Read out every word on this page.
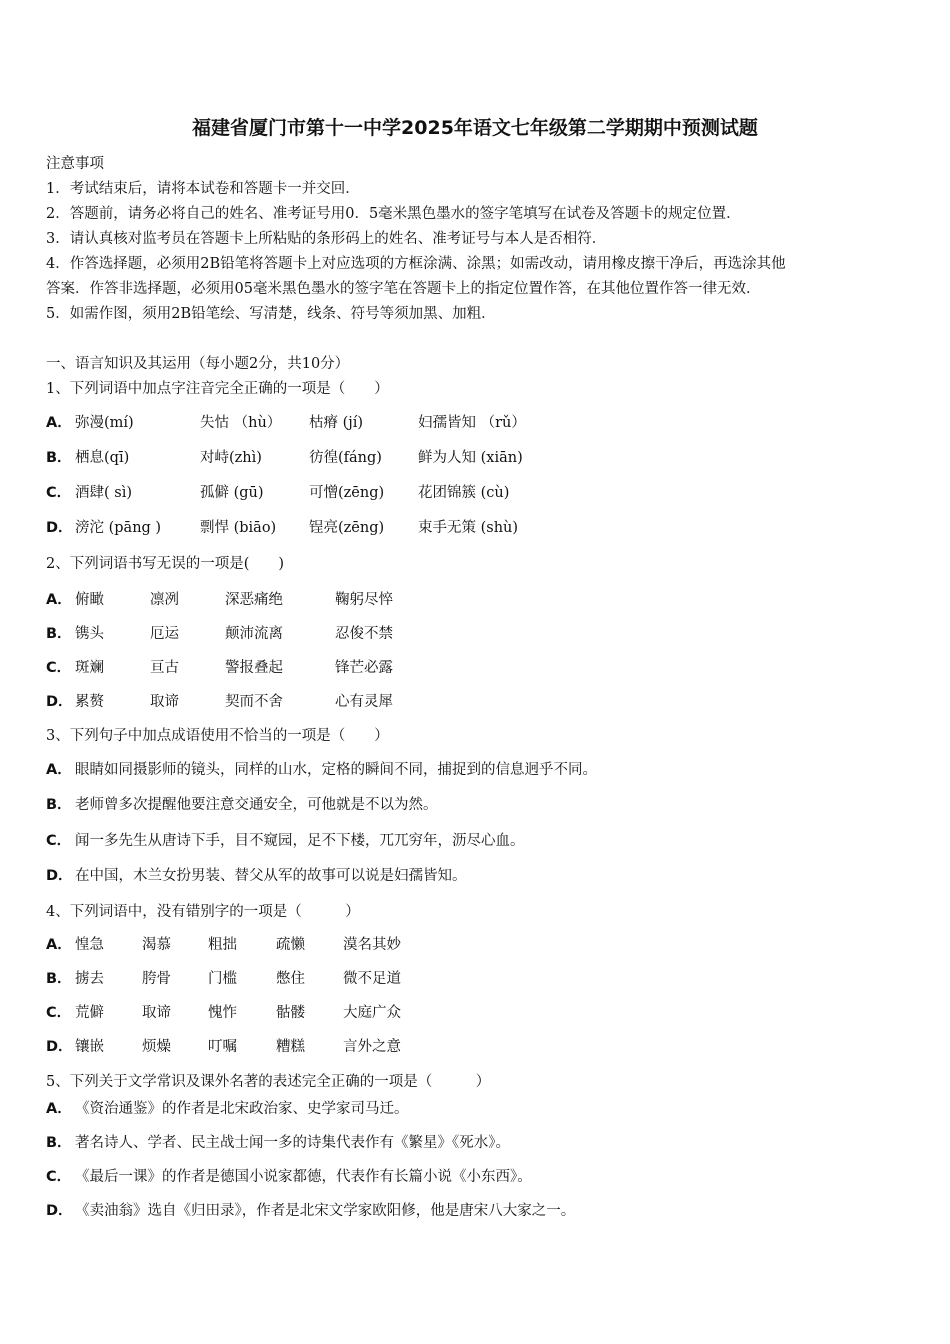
福建省厦门市第十一中学2025年语文七年级第二学期期中预测试题
注意事项
1．考试结束后，请将本试卷和答题卡一并交回．
2．答题前，请务必将自己的姓名、准考证号用0．5毫米黑色墨水的签字笔填写在试卷及答题卡的规定位置．
3．请认真核对监考员在答题卡上所粘贴的条形码上的姓名、准考证号与本人是否相符．
4．作答选择题，必须用2B铅笔将答题卡上对应选项的方框涂满、涂黑；如需改动，请用橡皮擦干净后，再选涂其他
答案．作答非选择题，必须用05毫米黑色墨水的签字笔在答题卡上的指定位置作答，在其他位置作答一律无效．
5．如需作图，须用2B铅笔绘、写清楚，线条、符号等须加黑、加粗．
一、语言知识及其运用（每小题2分，共10分）
1、下列词语中加点字注音完全正确的一项是（　　）
A． 弥漫(mí)	失怙 （hù） 枯瘠 (jí)	妇孺皆知 （rǔ）
B． 栖息(qī)	对峙(zhì)	彷徨(fáng) 鲜为人知 (xiān)
C． 酒肆( sì)	孤僻 (gū)	可憎(zēng) 花团锦簇 (cù)
D． 滂沱 (pāng )	剽悍 (biāo) 锃亮(zēng) 束手无策 (shù)
2、下列词语书写无误的一项是(　　)
A． 俯瞰	凛冽	深恶痛绝	鞠躬尽悴
B． 镌头	厄运	颠沛流离	忍俊不禁
C． 斑斓	亘古	警报叠起	锋芒必露
D． 累赘	取谛	契而不舍	心有灵犀
3、下列句子中加点成语使用不恰当的一项是（　　）
A． 眼睛如同摄影师的镜头，同样的山水，定格的瞬间不同，捕捉到的信息迥乎不同。
B． 老师曾多次提醒他要注意交通安全，可他就是不以为然。
C． 闻一多先生从唐诗下手，目不窥园，足不下楼，兀兀穷年，沥尽心血。
D． 在中国，木兰女扮男装、替父从军的故事可以说是妇孺皆知。
4、下列词语中，没有错别字的一项是（　　　）
A． 惶急	渴慕	粗拙	疏懒	漠名其妙
B． 掳去	胯骨	门槛	憋住	微不足道
C． 荒僻	取谛	愧怍	骷髅	大庭广众
D． 镶嵌	烦燥	叮嘱	糟糕	言外之意
5、下列关于文学常识及课外名著的表述完全正确的一项是（　　　）
A． 《资治通鉴》的作者是北宋政治家、史学家司马迁。
B． 著名诗人、学者、民主战士闻一多的诗集代表作有《繁星》《死水》。
C． 《最后一课》的作者是德国小说家都德，代表作有长篇小说《小东西》。
D． 《卖油翁》选自《归田录》，作者是北宋文学家欧阳修，他是唐宋八大家之一。
